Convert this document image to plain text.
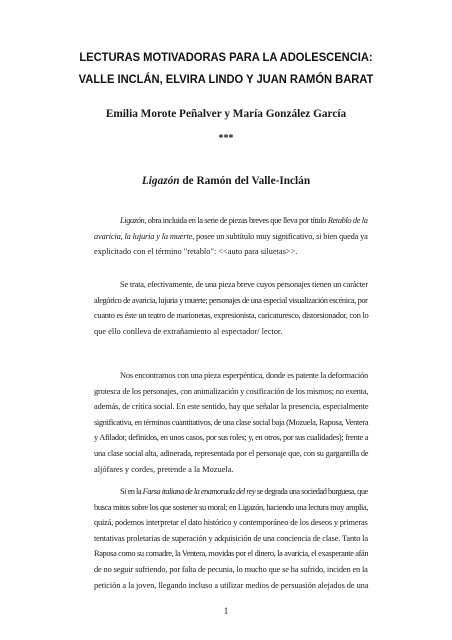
LECTURAS MOTIVADORAS PARA LA ADOLESCENCIA:
VALLE INCLÁN, ELVIRA LINDO Y JUAN RAMÓN BARAT
Emilia Morote Peñalver y María González García
***
Ligazón de Ramón del Valle-Inclán
Ligazón, obra incluida en la serie de piezas breves que lleva por título Retablo de la
avaricia, la lujuria y la muerte, posee un subtítulo muy significativo, si bien queda ya
explicitado con el término "retablo": <<auto para siluetas>>.
Se trata, efectivamente, de una pieza breve cuyos personajes tienen un carácter
alegórico de avaricia, lujuria y muerte; personajes de una especial visualización escénica, por
cuanto es éste un teatro de marionetas, expresionista, caricaturesco, distorsionador, con lo
que ello conlleva de extrañamiento al espectador/ lector.
Nos encontramos con una pieza esperpéntica, donde es patente la deformación
grotesca de los personajes, con animalización y cosificación de los mismos; no exenta,
además, de crítica social. En este sentido, hay que señalar la presencia, especialmente
significativa, en términos cuantitativos, de una clase social baja (Mozuela, Raposa, Ventera
y Afilador, definidos, en unos casos, por sus roles; y, en otros, por sus cualidades); frente a
una clase social alta, adinerada, representada por el personaje que, con su gargantilla de
aljófares y cordes, pretende a la Mozuela.
Si en la Farsa italiana de la enamorada del rey se degrada una sociedad burguesa, que
busca mitos sobre los que sostener su moral; en Ligazón, haciendo una lectura muy amplia,
quizá, podemos interpretar el dato histórico y contemporáneo de los deseos y primeras
tentativas proletarias de superación y adquisición de una conciencia de clase. Tanto la
Raposa como su comadre, la Ventera, movidas por el dinero, la avaricia, el exasperante afán
de no seguir sufriendo, por falta de pecunia, lo mucho que se ha sufrido, inciden en la
petición a la joven, llegando incluso a utilizar medios de persuasión alejados de una
1
